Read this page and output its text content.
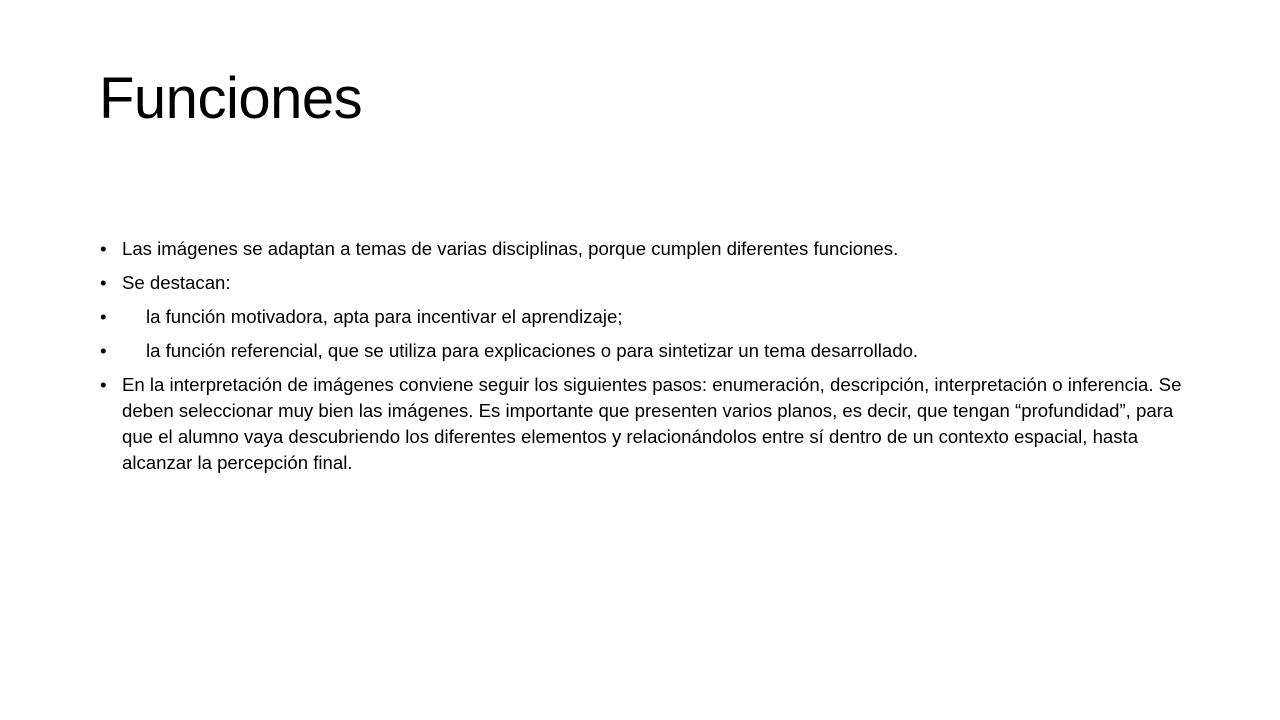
Funciones
• Las imágenes se adaptan a temas de varias disciplinas, porque cumplen diferentes funciones.
• Se destacan:
•	la función motivadora, apta para incentivar el aprendizaje;
•	la función referencial, que se utiliza para explicaciones o para sintetizar un tema desarrollado.
• En la interpretación de imágenes conviene seguir los siguientes pasos: enumeración, descripción, interpretación o inferencia. Se deben seleccionar muy bien las imágenes. Es importante que presenten varios planos, es decir, que tengan “profundidad”, para que el alumno vaya descubriendo los diferentes elementos y relacionándolos entre sí dentro de un contexto espacial, hasta alcanzar la percepción final.
